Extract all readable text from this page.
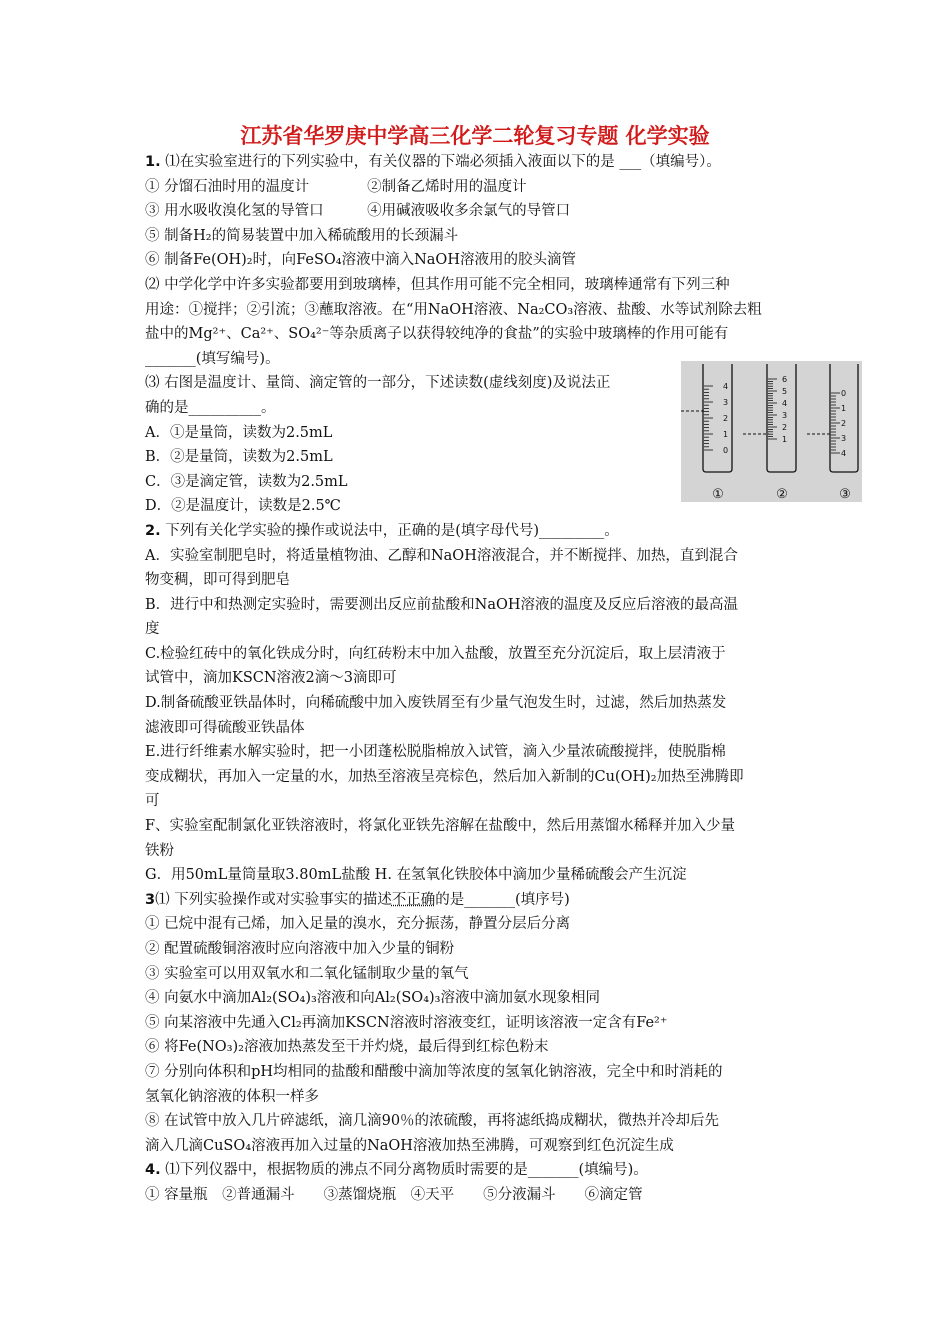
江苏省华罗庚中学高三化学二轮复习专题 化学实验
1. ⑴在实验室进行的下列实验中，有关仪器的下端必须插入液面以下的是 ___（填编号）。
① 分馏石油时用的温度计　　　　②制备乙烯时用的温度计
③ 用水吸收溴化氢的导管口　　　④用碱液吸收多余氯气的导管口
⑤ 制备H₂的简易装置中加入稀硫酸用的长颈漏斗
⑥ 制备Fe(OH)₂时，向FeSO₄溶液中滴入NaOH溶液用的胶头滴管
⑵ 中学化学中许多实验都要用到玻璃棒，但其作用可能不完全相同，玻璃棒通常有下列三种
用途：①搅拌；②引流；③蘸取溶液。在“用NaOH溶液、Na₂CO₃溶液、盐酸、水等试剂除去粗
盐中的Mg²⁺、Ca²⁺、SO₄²⁻等杂质离子以获得较纯净的食盐”的实验中玻璃棒的作用可能有
_______(填写编号)。
⑶ 右图是温度计、量筒、滴定管的一部分，下述读数(虚线刻度)及说法正
确的是__________。
A．①是量筒，读数为2.5mL
B．②是量筒，读数为2.5mL
C．③是滴定管，读数为2.5mL
D．②是温度计，读数是2.5℃
2. 下列有关化学实验的操作或说法中，正确的是(填字母代号)_________。
A．实验室制肥皂时，将适量植物油、乙醇和NaOH溶液混合，并不断搅拌、加热，直到混合
物变稠，即可得到肥皂
B．进行中和热测定实验时，需要测出反应前盐酸和NaOH溶液的温度及反应后溶液的最高温
度
C.检验红砖中的氧化铁成分时，向红砖粉末中加入盐酸，放置至充分沉淀后，取上层清液于
试管中，滴加KSCN溶液2滴～3滴即可
D.制备硫酸亚铁晶体时，向稀硫酸中加入废铁屑至有少量气泡发生时，过滤，然后加热蒸发
滤液即可得硫酸亚铁晶体
E.进行纤维素水解实验时，把一小团蓬松脱脂棉放入试管，滴入少量浓硫酸搅拌，使脱脂棉
变成糊状，再加入一定量的水，加热至溶液呈亮棕色，然后加入新制的Cu(OH)₂加热至沸腾即
可
F、实验室配制氯化亚铁溶液时，将氯化亚铁先溶解在盐酸中，然后用蒸馏水稀释并加入少量
铁粉
G．用50mL量筒量取3.80mL盐酸 H. 在氢氧化铁胶体中滴加少量稀硫酸会产生沉淀
3⑴ 下列实验操作或对实验事实的描述不正确的是_______(填序号)
① 已烷中混有己烯，加入足量的溴水，充分振荡，静置分层后分离
② 配置硫酸铜溶液时应向溶液中加入少量的铜粉
③ 实验室可以用双氧水和二氧化锰制取少量的氧气
④ 向氨水中滴加Al₂(SO₄)₃溶液和向Al₂(SO₄)₃溶液中滴加氨水现象相同
⑤ 向某溶液中先通入Cl₂再滴加KSCN溶液时溶液变红，证明该溶液一定含有Fe²⁺
⑥ 将Fe(NO₃)₂溶液加热蒸发至干并灼烧，最后得到红棕色粉末
⑦ 分别向体积和pH均相同的盐酸和醋酸中滴加等浓度的氢氧化钠溶液，完全中和时消耗的
氢氧化钠溶液的体积一样多
⑧ 在试管中放入几片碎滤纸，滴几滴90％的浓硫酸，再将滤纸捣成糊状，微热并冷却后先
滴入几滴CuSO₄溶液再加入过量的NaOH溶液加热至沸腾，可观察到红色沉淀生成
4. ⑴下列仪器中，根据物质的沸点不同分离物质时需要的是_______(填编号)。
① 容量瓶　②普通漏斗　　③蒸馏烧瓶　④天平　　⑤分液漏斗　　⑥滴定管
4
3
2
1
0
6
5
4
3
2
1
0
1
2
3
4
①	②	③
